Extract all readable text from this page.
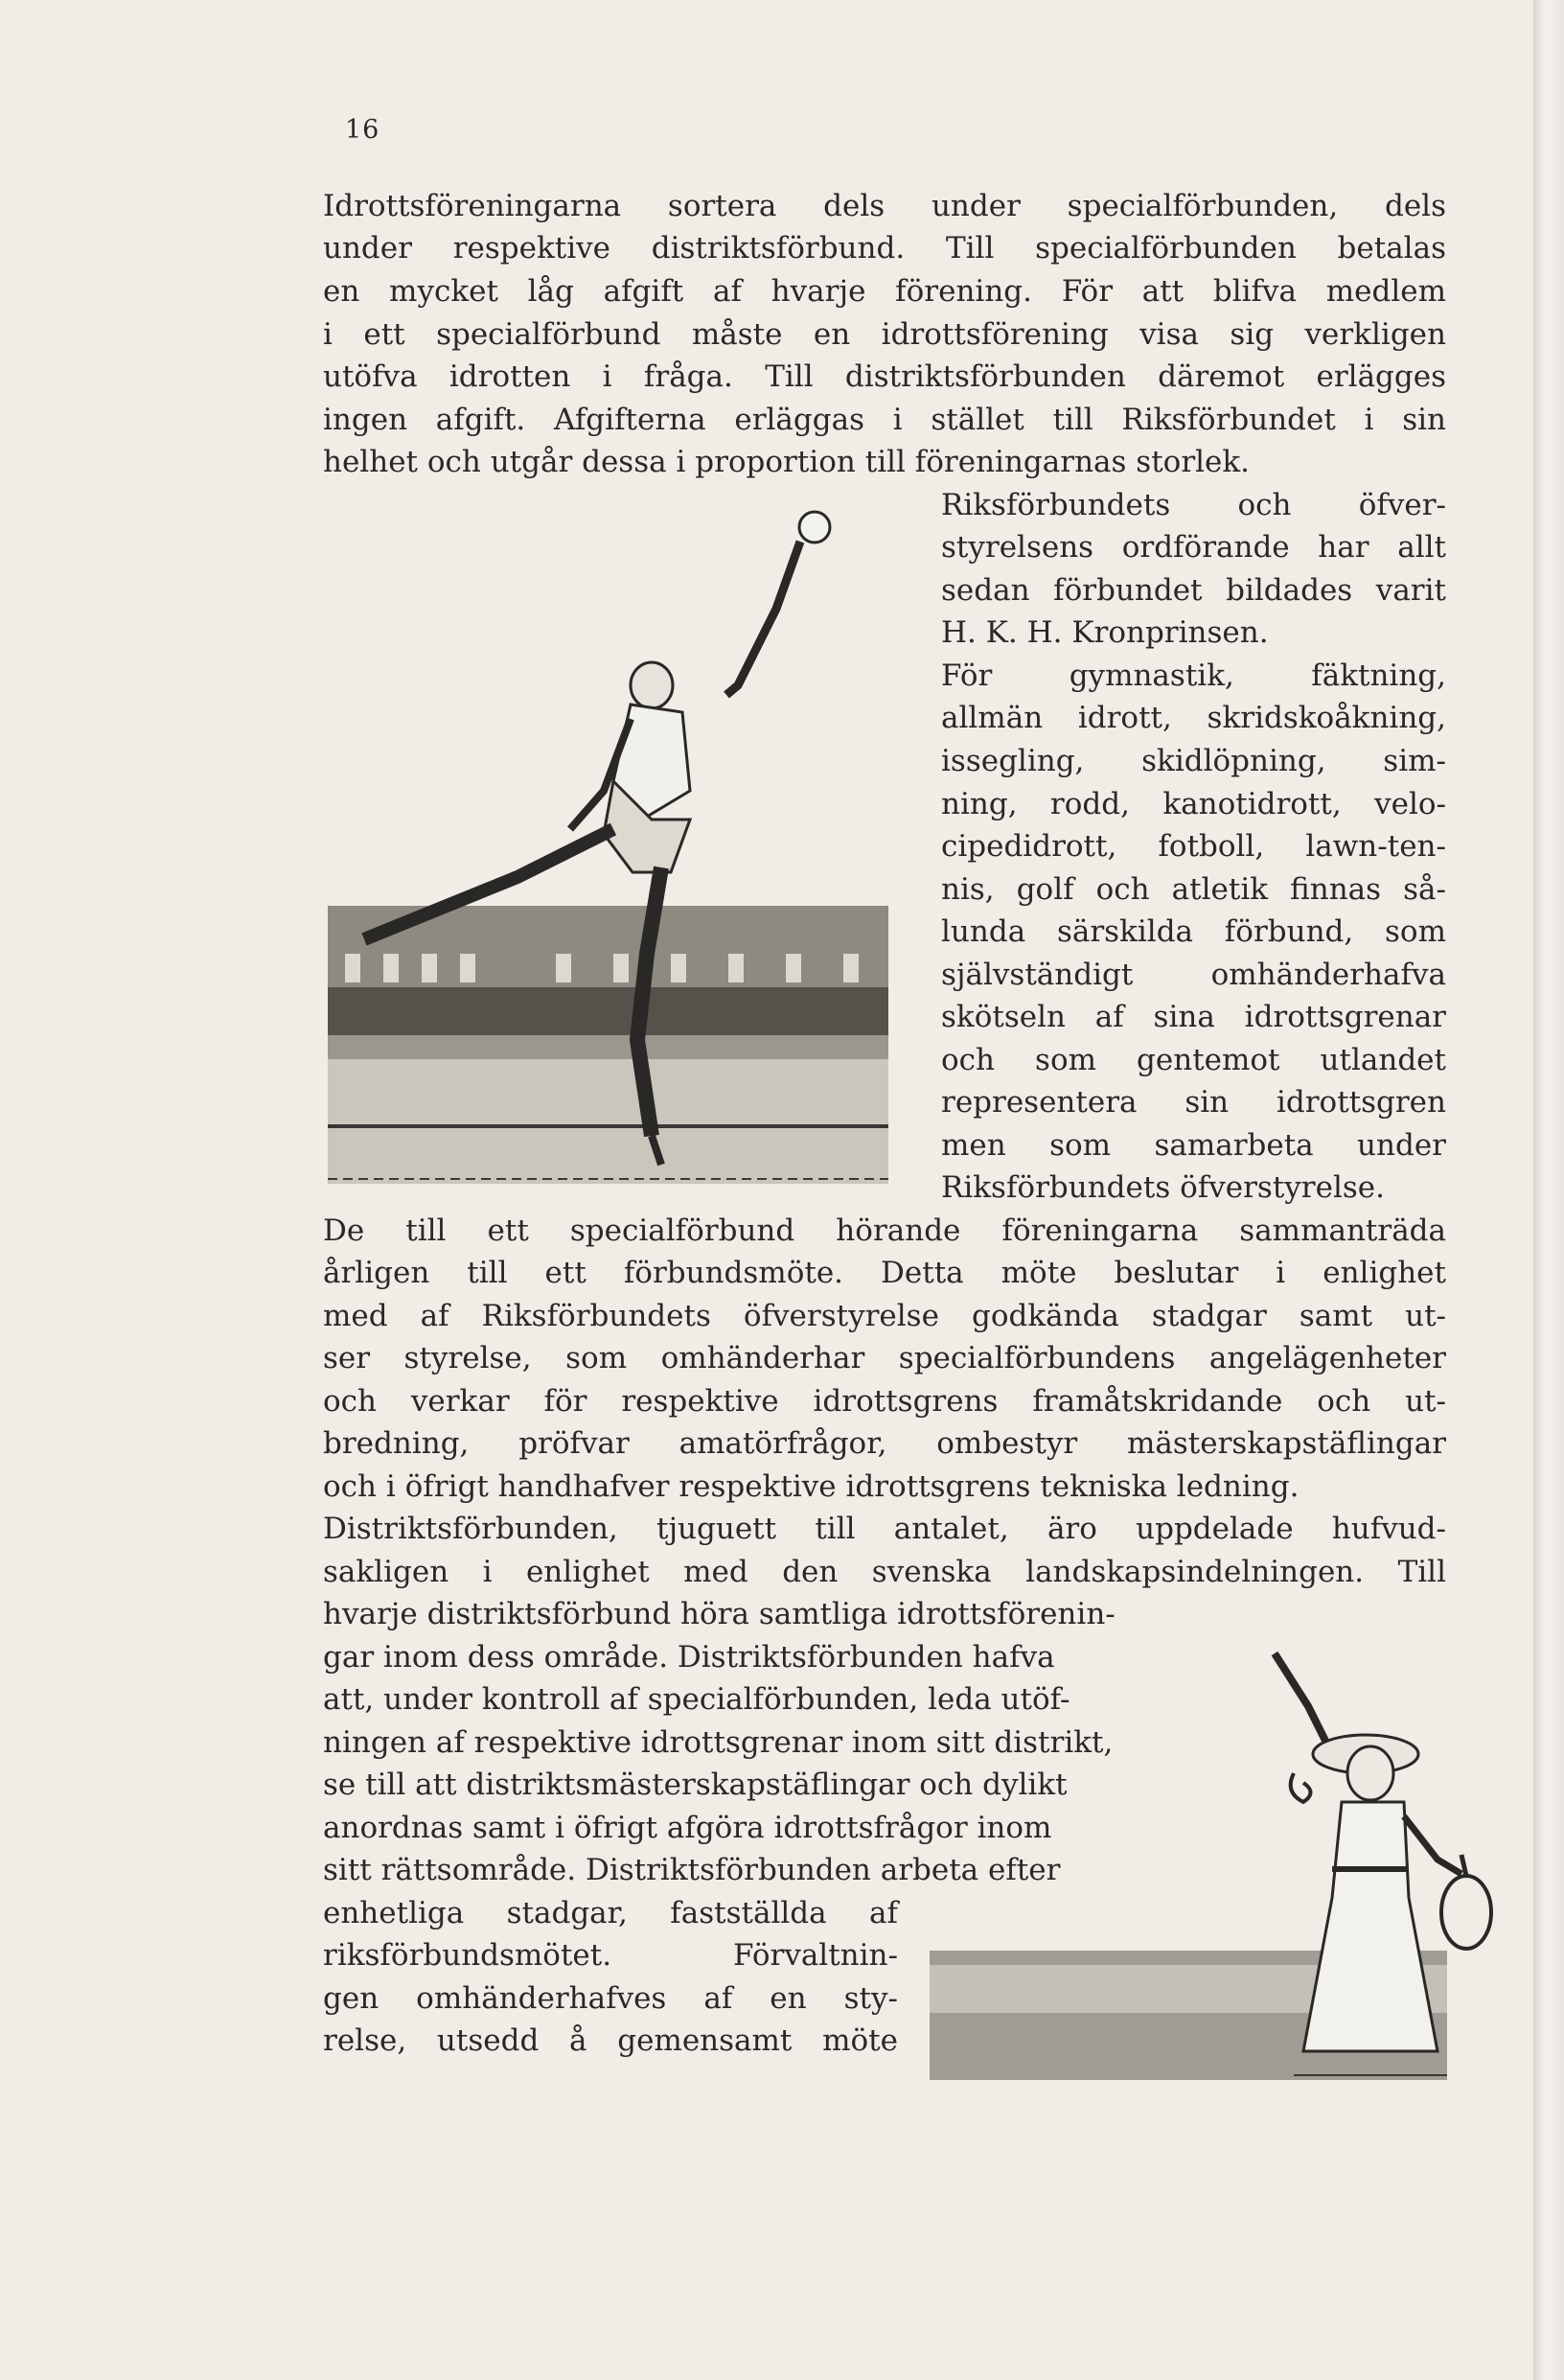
16
Idrottsföreningarna sortera dels under specialförbunden, dels
under respektive distriktsförbund. Till specialförbunden betalas
en mycket låg afgift af hvarje förening. För att blifva medlem
i ett specialförbund måste en idrottsförening visa sig verkligen
utöfva idrotten i fråga. Till distriktsförbunden däremot erlägges
ingen afgift. Afgifterna erläggas i stället till Riksförbundet i sin
helhet och utgår dessa i proportion till föreningarnas storlek.
Riksförbundets och öfver-
styrelsens ordförande har allt
sedan förbundet bildades varit
H. K. H. Kronprinsen.
För gymnastik, fäktning,
allmän idrott, skridskoåkning,
issegling, skidlöpning, sim-
ning, rodd, kanotidrott, velo-
cipedidrott, fotboll, lawn-ten-
nis, golf och atletik finnas så-
lunda särskilda förbund, som
självständigt omhänderhafva
skötseln af sina idrottsgrenar
och som gentemot utlandet
representera sin idrottsgren
men som samarbeta under
Riksförbundets öfverstyrelse.
De till ett specialförbund hörande föreningarna sammanträda
årligen till ett förbundsmöte. Detta möte beslutar i enlighet
med af Riksförbundets öfverstyrelse godkända stadgar samt ut-
ser styrelse, som omhänderhar specialförbundens angelägenheter
och verkar för respektive idrottsgrens framåtskridande och ut-
bredning, pröfvar amatörfrågor, ombestyr mästerskapstäflingar
och i öfrigt handhafver respektive idrottsgrens tekniska ledning.
Distriktsförbunden, tjuguett till antalet, äro uppdelade hufvud-
sakligen i enlighet med den svenska landskapsindelningen. Till
hvarje distriktsförbund höra samtliga idrottsförenin-
gar inom dess område. Distriktsförbunden hafva
att, under kontroll af specialförbunden, leda utöf-
ningen af respektive idrottsgrenar inom sitt distrikt,
se till att distriktsmästerskapstäflingar och dylikt
anordnas samt i öfrigt afgöra idrottsfrågor inom
sitt rättsområde. Distriktsförbunden arbeta efter
enhetliga stadgar, fastställda af
riksförbundsmötet. Förvaltnin-
gen omhänderhafves af en sty-
relse, utsedd å gemensamt möte
